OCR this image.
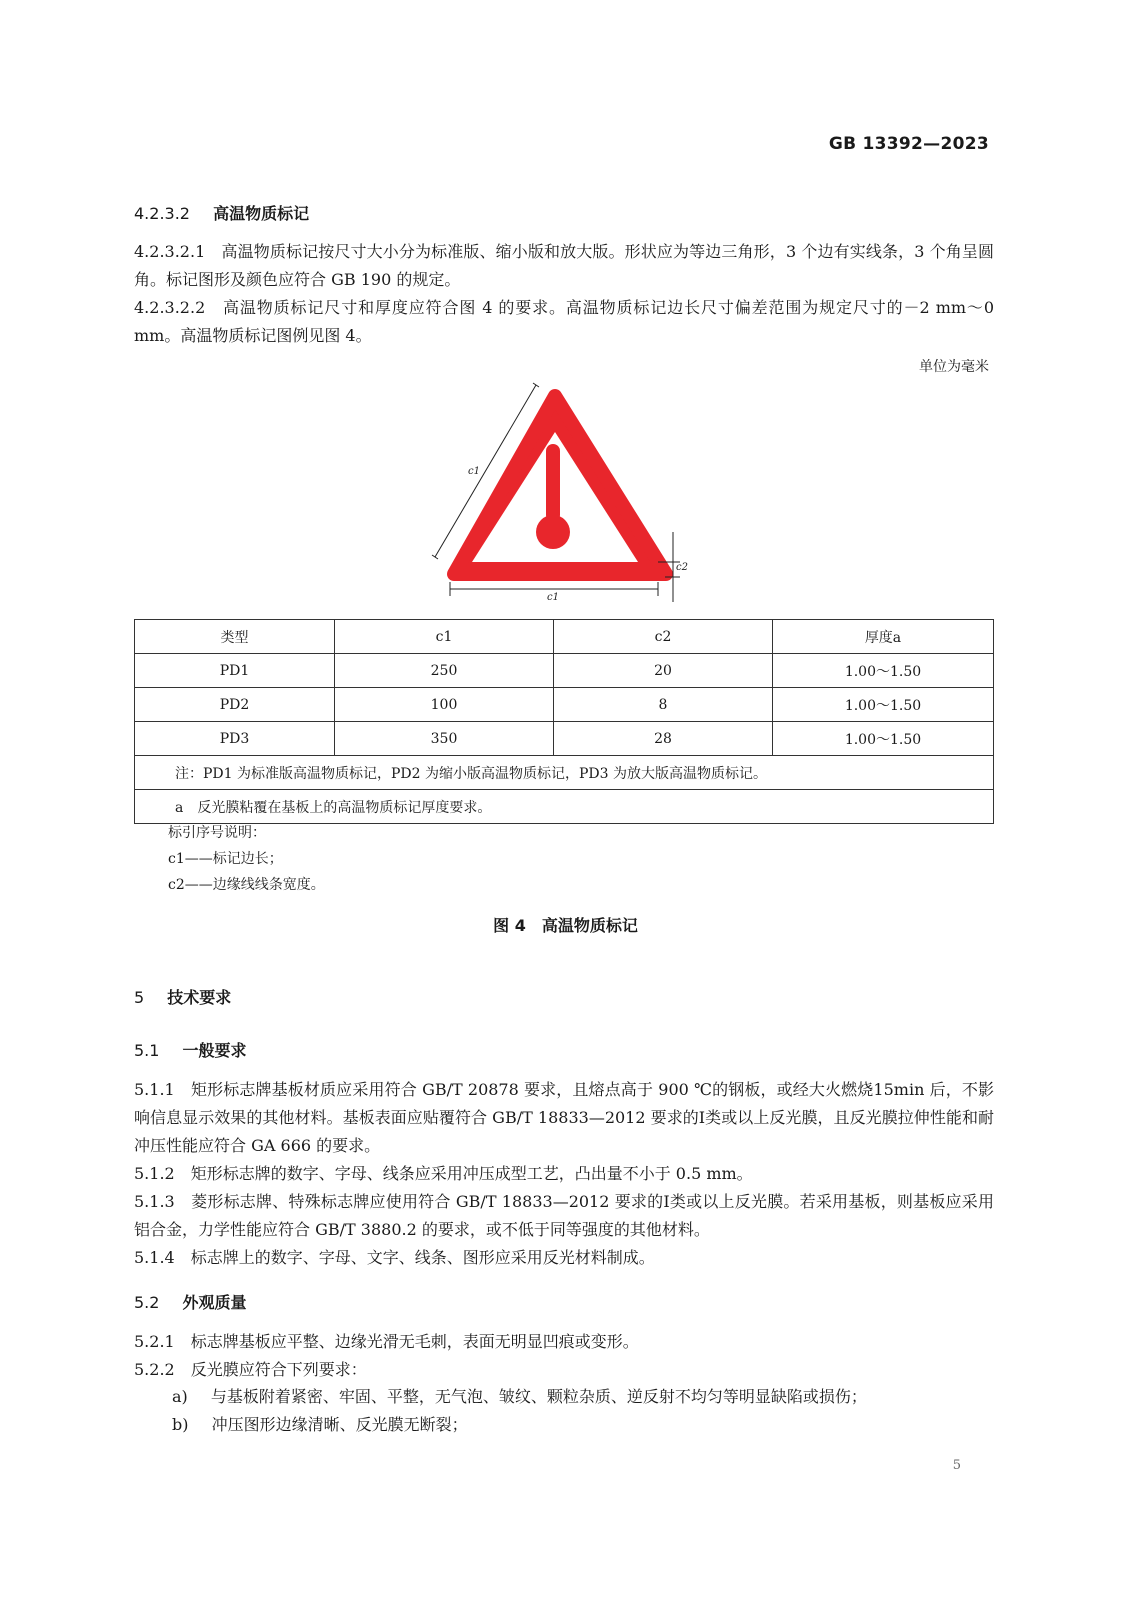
GB 13392—2023
4.2.3.2 高温物质标记
4.2.3.2.1　高温物质标记按尺寸大小分为标准版、缩小版和放大版。形状应为等边三角形，3 个边有实线条，3 个角呈圆角。标记图形及颜色应符合 GB 190 的规定。
4.2.3.2.2　高温物质标记尺寸和厚度应符合图 4 的要求。高温物质标记边长尺寸偏差范围为规定尺寸的－2 mm～0 mm。高温物质标记图例见图 4。
单位为毫米
c1
c1
c2
类型	c1	c2	厚度a
PD1	250	20	1.00～1.50
PD2	100	8	1.00～1.50
PD3	350	28	1.00～1.50
注：PD1 为标准版高温物质标记，PD2 为缩小版高温物质标记，PD3 为放大版高温物质标记。			
a　反光膜粘覆在基板上的高温物质标记厚度要求。			
标引序号说明：
c1——标记边长；
c2——边缘线线条宽度。
图 4　高温物质标记
5 技术要求
5.1 一般要求
5.1.1　矩形标志牌基板材质应采用符合 GB/T 20878 要求，且熔点高于 900 ℃的钢板，或经大火燃烧15min 后，不影响信息显示效果的其他材料。基板表面应贴覆符合 GB/T 18833—2012 要求的Ⅰ类或以上反光膜，且反光膜拉伸性能和耐冲压性能应符合 GA 666 的要求。
5.1.2　矩形标志牌的数字、字母、线条应采用冲压成型工艺，凸出量不小于 0.5 mm。
5.1.3　菱形标志牌、特殊标志牌应使用符合 GB/T 18833—2012 要求的Ⅰ类或以上反光膜。若采用基板，则基板应采用铝合金，力学性能应符合 GB/T 3880.2 的要求，或不低于同等强度的其他材料。
5.1.4　标志牌上的数字、字母、文字、线条、图形应采用反光材料制成。
5.2 外观质量
5.2.1　标志牌基板应平整、边缘光滑无毛刺，表面无明显凹痕或变形。
5.2.2　反光膜应符合下列要求：
a) 与基板附着紧密、牢固、平整，无气泡、皱纹、颗粒杂质、逆反射不均匀等明显缺陷或损伤；
b) 冲压图形边缘清晰、反光膜无断裂；
5
